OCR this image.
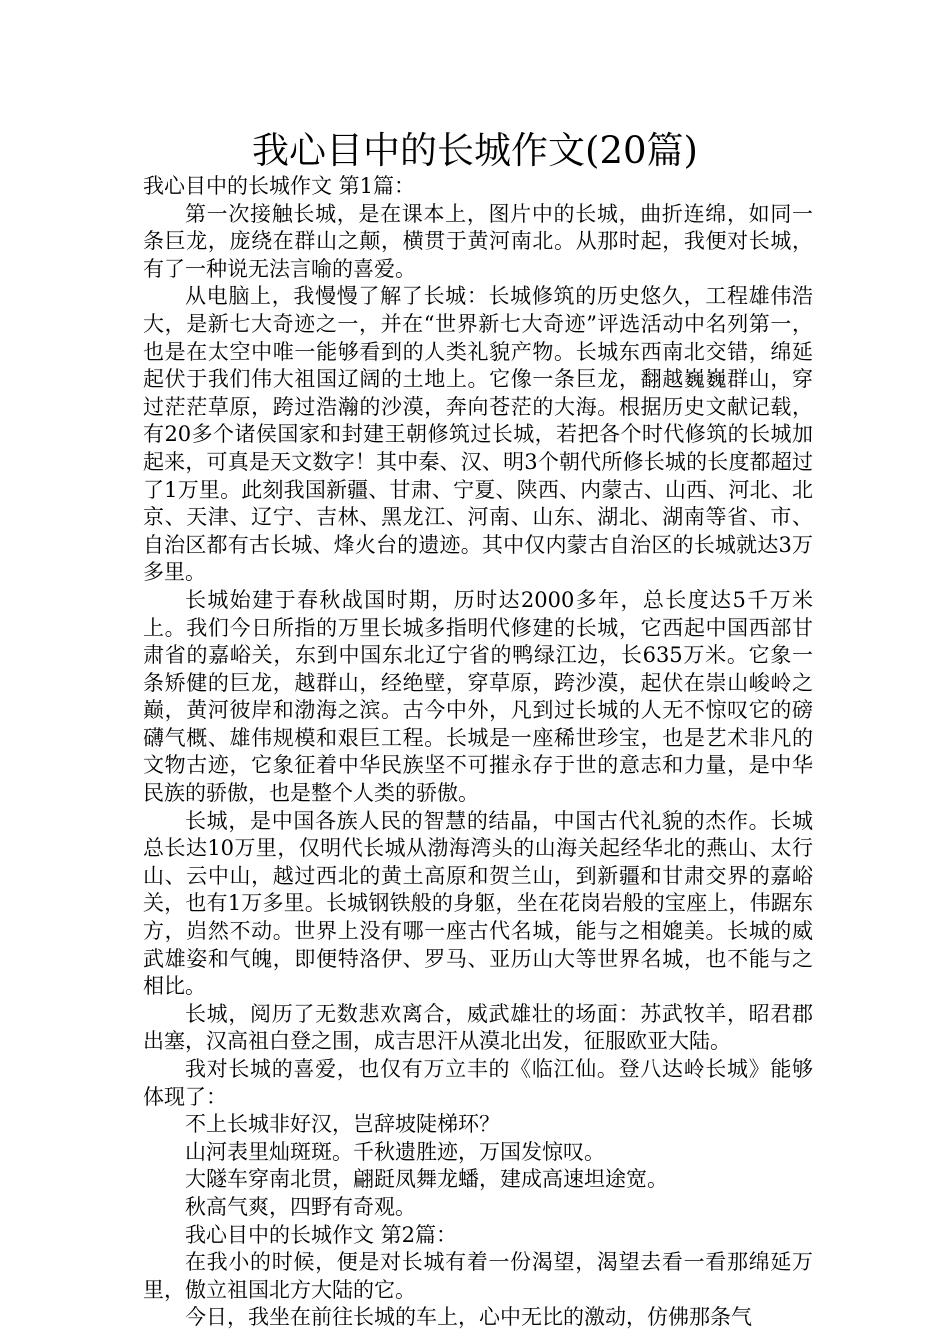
我心目中的长城作文(20篇)

我心目中的长城作文 第1篇：

第一次接触长城，是在课本上，图片中的长城，曲折连绵，如同一条巨龙，庞绕在群山之颠，横贯于黄河南北。从那时起，我便对长城，有了一种说无法言喻的喜爱。

从电脑上，我慢慢了解了长城：长城修筑的历史悠久，工程雄伟浩大，是新七大奇迹之一，并在“世界新七大奇迹”评选活动中名列第一，也是在太空中唯一能够看到的人类礼貌产物。长城东西南北交错，绵延起伏于我们伟大祖国辽阔的土地上。它像一条巨龙，翻越巍巍群山，穿过茫茫草原，跨过浩瀚的沙漠，奔向苍茫的大海。根据历史文献记载，有20多个诸侯国家和封建王朝修筑过长城，若把各个时代修筑的长城加起来，可真是天文数字！其中秦、汉、明3个朝代所修长城的长度都超过了1万里。此刻我国新疆、甘肃、宁夏、陕西、内蒙古、山西、河北、北京、天津、辽宁、吉林、黑龙江、河南、山东、湖北、湖南等省、市、自治区都有古长城、烽火台的遗迹。其中仅内蒙古自治区的长城就达3万多里。

长城始建于春秋战国时期，历时达2000多年，总长度达5千万米上。我们今日所指的万里长城多指明代修建的长城，它西起中国西部甘肃省的嘉峪关，东到中国东北辽宁省的鸭绿江边，长635万米。它象一条矫健的巨龙，越群山，经绝壁，穿草原，跨沙漠，起伏在崇山峻岭之巅，黄河彼岸和渤海之滨。古今中外，凡到过长城的人无不惊叹它的磅礴气概、雄伟规模和艰巨工程。长城是一座稀世珍宝，也是艺术非凡的文物古迹，它象征着中华民族坚不可摧永存于世的意志和力量，是中华民族的骄傲，也是整个人类的骄傲。

长城，是中国各族人民的智慧的结晶，中国古代礼貌的杰作。长城总长达10万里，仅明代长城从渤海湾头的山海关起经华北的燕山、太行山、云中山，越过西北的黄土高原和贺兰山，到新疆和甘肃交界的嘉峪关，也有1万多里。长城钢铁般的身躯，坐在花岗岩般的宝座上，伟踞东方，岿然不动。世界上没有哪一座古代名城，能与之相媲美。长城的威武雄姿和气魄，即便特洛伊、罗马、亚历山大等世界名城，也不能与之相比。

长城，阅历了无数悲欢离合，威武雄壮的场面：苏武牧羊，昭君郡出塞，汉高祖白登之围，成吉思汗从漠北出发，征服欧亚大陆。

我对长城的喜爱，也仅有万立丰的《临江仙。登八达岭长城》能够体现了：

不上长城非好汉，岂辞坡陡梯环？

山河表里灿斑斑。千秋遗胜迹，万国发惊叹。

大隧车穿南北贯，翩跹凤舞龙蟠，建成高速坦途宽。

秋高气爽，四野有奇观。

我心目中的长城作文 第2篇：

在我小的时候，便是对长城有着一份渴望，渴望去看一看那绵延万里，傲立祖国北方大陆的它。

今日，我坐在前往长城的车上，心中无比的激动，仿佛那条气
